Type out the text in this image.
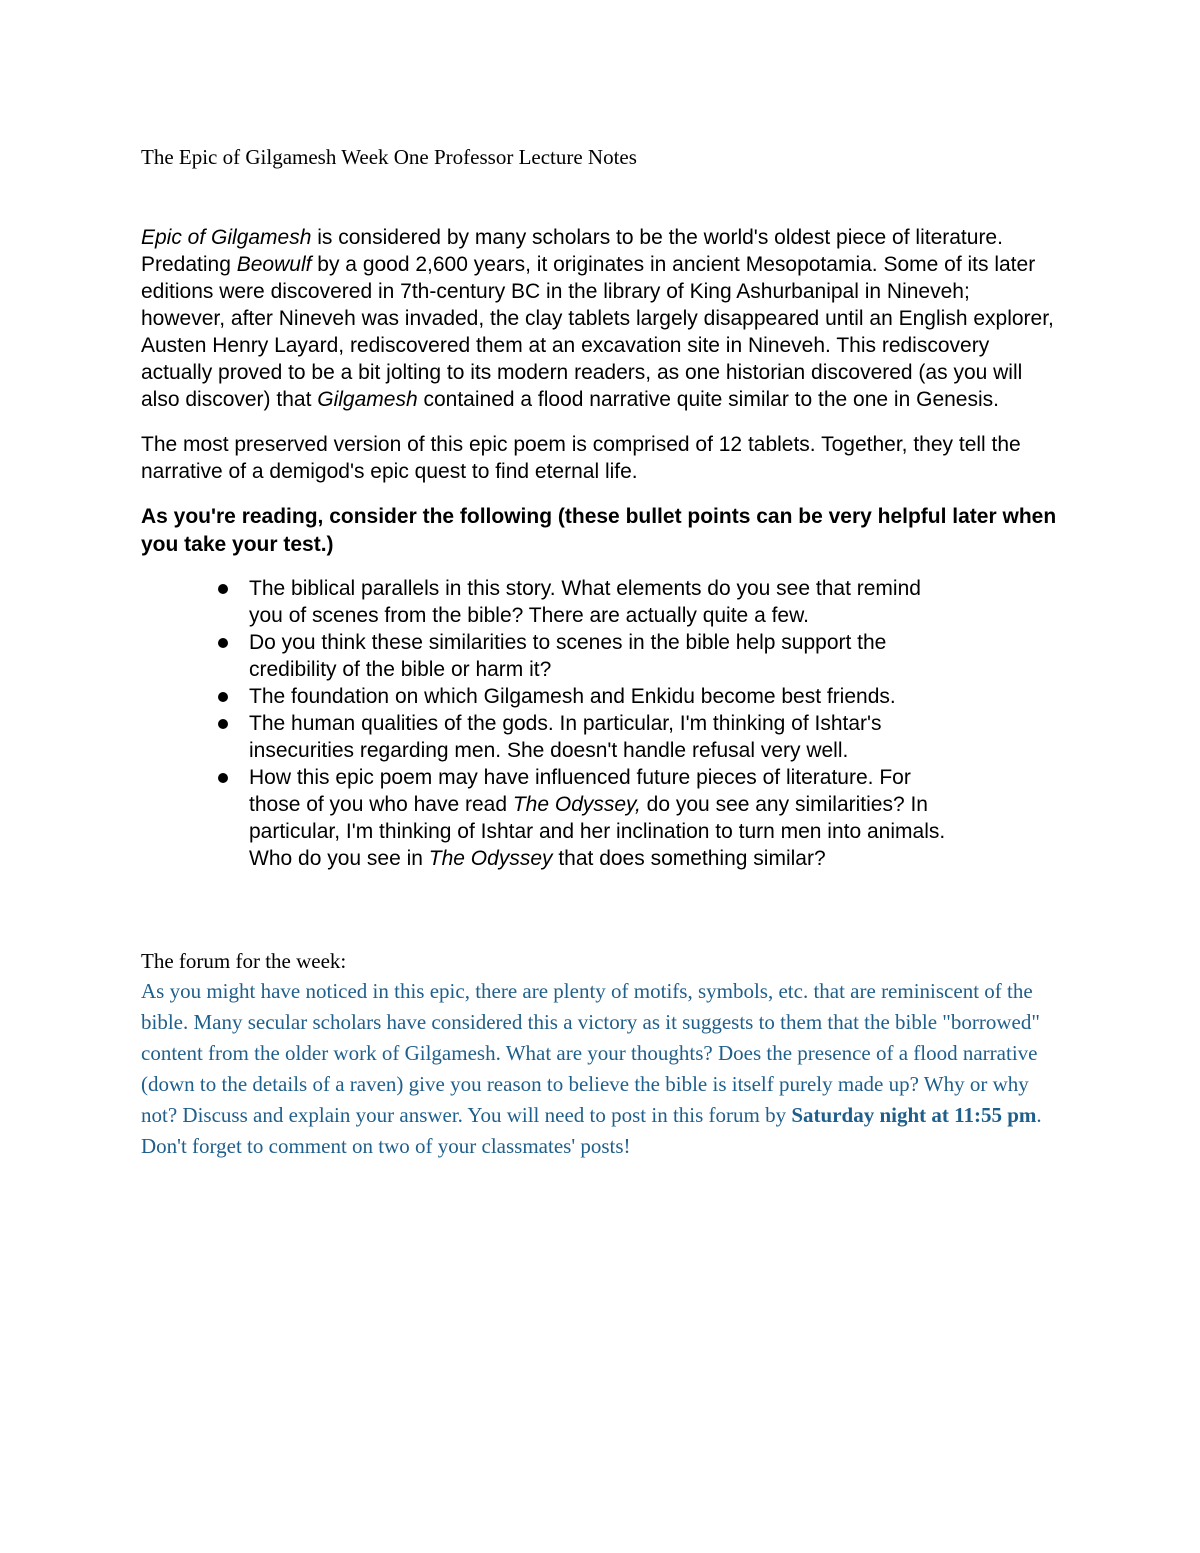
The Epic of Gilgamesh Week One Professor Lecture Notes

Epic of Gilgamesh is considered by many scholars to be the world's oldest piece of literature. Predating Beowulf by a good 2,600 years, it originates in ancient Mesopotamia. Some of its later editions were discovered in 7th-century BC in the library of King Ashurbanipal in Nineveh; however, after Nineveh was invaded, the clay tablets largely disappeared until an English explorer, Austen Henry Layard, rediscovered them at an excavation site in Nineveh. This rediscovery actually proved to be a bit jolting to its modern readers, as one historian discovered (as you will also discover) that Gilgamesh contained a flood narrative quite similar to the one in Genesis.

The most preserved version of this epic poem is comprised of 12 tablets. Together, they tell the narrative of a demigod's epic quest to find eternal life.

As you're reading, consider the following (these bullet points can be very helpful later when you take your test.)

The biblical parallels in this story. What elements do you see that remind you of scenes from the bible? There are actually quite a few.
Do you think these similarities to scenes in the bible help support the credibility of the bible or harm it?
The foundation on which Gilgamesh and Enkidu become best friends.
The human qualities of the gods. In particular, I'm thinking of Ishtar's insecurities regarding men. She doesn't handle refusal very well.
How this epic poem may have influenced future pieces of literature. For those of you who have read The Odyssey, do you see any similarities? In particular, I'm thinking of Ishtar and her inclination to turn men into animals. Who do you see in The Odyssey that does something similar?

The forum for the week:

As you might have noticed in this epic, there are plenty of motifs, symbols, etc. that are reminiscent of the bible. Many secular scholars have considered this a victory as it suggests to them that the bible "borrowed" content from the older work of Gilgamesh. What are your thoughts? Does the presence of a flood narrative (down to the details of a raven) give you reason to believe the bible is itself purely made up? Why or why not? Discuss and explain your answer. You will need to post in this forum by Saturday night at 11:55 pm. Don't forget to comment on two of your classmates' posts!
